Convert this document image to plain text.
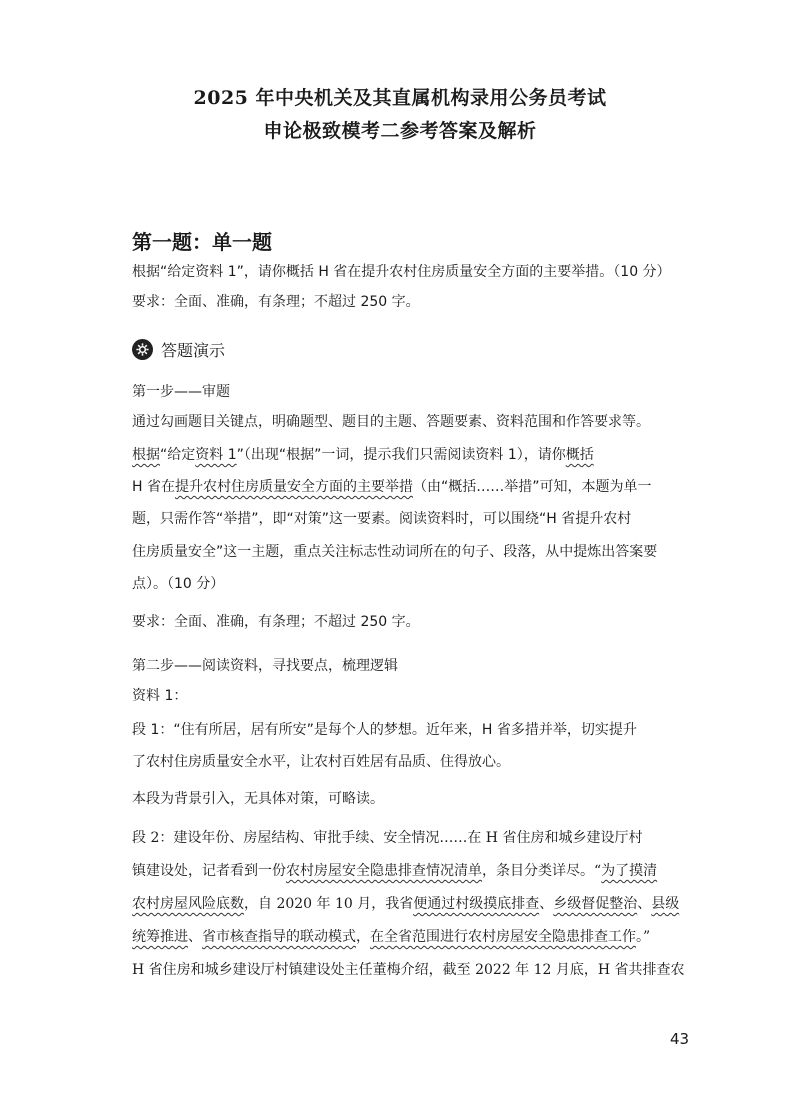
2025 年中央机关及其直属机构录用公务员考试
申论极致模考二参考答案及解析
第一题：单一题
根据“给定资料 1”，请你概括 H 省在提升农村住房质量安全方面的主要举措。（10 分）
要求：全面、准确，有条理；不超过 250 字。
答题演示
第一步——审题
通过勾画题目关键点，明确题型、题目的主题、答题要素、资料范围和作答要求等。
根据“给定资料 1”（出现“根据”一词，提示我们只需阅读资料 1），请你概括
H 省在提升农村住房质量安全方面的主要举措（由“概括……举措”可知，本题为单一
题，只需作答“举措”，即“对策”这一要素。阅读资料时，可以围绕“H 省提升农村
住房质量安全”这一主题，重点关注标志性动词所在的句子、段落，从中提炼出答案要
点）。（10 分）
要求：全面、准确，有条理；不超过 250 字。
第二步——阅读资料，寻找要点，梳理逻辑
资料 1：
段 1：“住有所居，居有所安”是每个人的梦想。近年来，H 省多措并举，切实提升
了农村住房质量安全水平，让农村百姓居有品质、住得放心。
本段为背景引入，无具体对策，可略读。
段 2：建设年份、房屋结构、审批手续、安全情况……在 H 省住房和城乡建设厅村
镇建设处，记者看到一份农村房屋安全隐患排查情况清单，条目分类详尽。“为了摸清
农村房屋风险底数，自 2020 年 10 月，我省便通过村级摸底排查、乡级督促整治、县级
统筹推进、省市核查指导的联动模式，在全省范围进行农村房屋安全隐患排查工作。”
H 省住房和城乡建设厅村镇建设处主任董梅介绍，截至 2022 年 12 月底，H 省共排查农
43
